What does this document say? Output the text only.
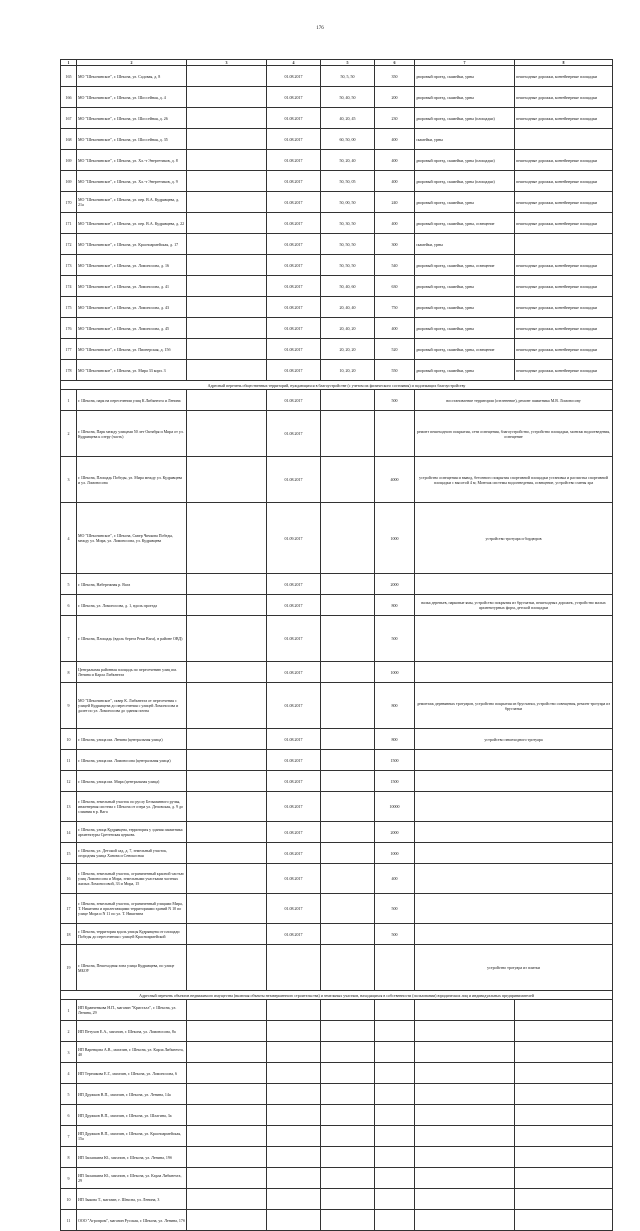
176
1	2	3	4	5	6	7	8	
165	МО "Шекснинское", г. Шексна, ул. Садовая, д. 8		01.08.2017	50, 5, 50	350	дворовый проезд, скамейки, урны	пешеходные дорожки, контейнерные площадки	
166	МО "Шекснинское", г. Шексна, ул. Шоссейная, д. 4		01.08.2017	50, 40, 50	200	дворовый проезд, скамейки, урны	пешеходные дорожки, контейнерные площадки	
167	МО "Шекснинское", г. Шексна, ул. Шоссейная, д. 26		01.08.2017	40, 20, 45	230	дворовый проезд, скамейки, урны (площадки)	пешеходные дорожки, контейнерные площадки	
168	МО "Шекснинское", г. Шексна, ул. Шоссейная, д. 35		01.08.2017	60, 50, 00	400	скамейки, урны		
169	МО "Шекснинское", г. Шексна, ул. Хл.-т Энергетиков, д. 8		01.08.2017	50, 20, 40	400	дворовый проезд, скамейки, урны (площадки)	пешеходные дорожки, контейнерные площадки	
169	МО "Шекснинское", г. Шексна, ул. Хл.-т Энергетиков, д. 9		01.08.2017	50, 50, 05	400	дворовый проезд, скамейки, урны (площадки)	пешеходные дорожки, контейнерные площадки	
170	МО "Шекснинское", г. Шексна, ул. пер. В.А. Кудрявцева, д. 21а		01.08.2017	50, 00, 50	240	дворовый проезд, скамейки, урны	пешеходные дорожки, контейнерные площадки	
171	МО "Шекснинское", г. Шексна, ул. пер. В.А. Кудрявцева, д. 22		01.08.2017	50, 30, 50	400	дворовый проезд, скамейки, урны, освещение	пешеходные дорожки, контейнерные площадки	
172	МО "Шекснинское", г. Шексна, ул. Красноармейская, д. 17		01.08.2017	50, 50, 50	300	скамейки, урны		
173	МО "Шекснинское", г. Шексна, ул. Ломоносова, д. 16		01.08.2017	50, 50, 50	540	дворовый проезд, скамейки, урны, освещение	пешеходные дорожки, контейнерные площадки	
174	МО "Шекснинское", г. Шексна, ул. Ломоносова, д. 41		01.08.2017	50, 40, 60	630	дворовый проезд, скамейки, урны	пешеходные дорожки, контейнерные площадки	
175	МО "Шекснинское", г. Шексна, ул. Ломоносова, д. 43		01.08.2017	20, 40, 40	750	дворовый проезд, скамейки, урны	пешеходные дорожки, контейнерные площадки	
176	МО "Шекснинское", г. Шексна, ул. Ломоносова, д. 45		01.08.2017	20, 40, 20	400	дворовый проезд, скамейки, урны	пешеходные дорожки, контейнерные площадки	
177	МО "Шекснинское", г. Шексна, ул. Пионерская, д. 15б		01.08.2017	20, 20, 20	520	дворовый проезд, скамейки, урны, освещение	пешеходные дорожки, контейнерные площадки	
178	МО "Шекснинское", г. Шексна, ул. Мира 33 корп. 3		01.08.2017	10, 20, 20	550	дворовый проезд, скамейки, урны	пешеходные дорожки, контейнерные площадки	
Адресный перечень общественных территорий, нуждающихся в благоустройстве (с учетом их физического состояния) и подлежащих благоустройству								
1	г. Шексна, парк на пересечении улиц К.Либкнехта и Ленина		01.08.2017		500	восстановление территории (озеленение), ремонт памятника М.В. Ломоносову	
2	г. Шексна, Парк между улицами 50 лет Октября и Мира от ул. Кудрявцева к озеру (часть)		01.08.2017			ремонт пешеходного покрытия, сети освещения, благоустройство, устройство площадки, монтаж водоотведения, освещение	
3	г. Шексна, Площадь Победы, ул. Мира между ул. Кудрявцева и ул. Ломоносова		01.08.2017		4000	устройство освещения и вывод, бетонного покрытия спортивной площадки установка и расчистка спортивной площадки с высотой 4 м; Монтаж системы водоотведения, освещение, устройство смены хра	
4	МО "Шекснинское", г. Шексна, Сквер Чичкова Победы, между ул. Мира, ул. Ломоносова, ул. Кудрявцева		01.09.2017		1000	устройство тротуара и бордюров	
5	г. Шексна, Набережная р. Вага		01.08.2017		2000		
6	г. Шексна, ул. Ломоносова, д. 1, вдоль проезда		01.08.2017		800	валка деревьев, парковые ямы, устройство покрытия из брусчатки, пешеходных дорожек, устройство малых архитектурных форм, детской площадки	
7	г. Шексна, Площадь (вдоль берега Реки Вага), в районе ОВД)		01.08.2017		500		
8	Центральная районная площадь по пересечению улиц им. Ленина и Карла Либкнехта		01.08.2017		1000		
9	МО "Шекснинское", сквер К. Либкнехта от пересечения с улицей Кудрявцева до пересечения с улицей Ломоносова и далее по ул. Ломоносова до здания почты		01.08.2017		800	демонтаж деревянных тротуаров, устройство покрытия из брусчатки, устройство освещения, ремонт тротуара из брусчатки	
10	г. Шексна, улица им. Ленина (центральная улица)		01.08.2017		800	устройство пешеходного тротуара	
11	г. Шексна, улица им. Ломоносова (центральная улица)		01.08.2017		1500		
12	г. Шексна, улица им. Мира (центральная улица)		01.08.2017		1500		
13	г. Шексна, земельный участок по руслу Безымянного ручья, инженерная система г. Шексна от озера ул. Деповская, д. 9 до слияния в р. Вага		01.08.2017		10000		
14	г. Шексна, улица Кудрявцева, территория у здания памятника архитектуры Сретенская церковь		01.08.2017		2000		
15	г. Шексна, ул. Детский сад, д. 7, земельный участок, огородная улица Ханова и Сенокосная		01.08.2017		1000		
16	г. Шексна, земельный участок, ограниченный красной частью улиц Ломоносова и Мира, земельными участками частных жилых Ломоносовой, 33 и Мира, 15		01.08.2017		400		
17	г. Шексна, земельный участок, ограниченный улицами Мира, Т. Никитина и прилегающими территориями зданий N 10 по улице Мира и N 11 по ул. Т. Никитина		01.08.2017		500		
18	г. Шексна, территория вдоль улицы Кудрявцева от площади Победы до пересечения с улицей Красноармейской		01.08.2017		500		
19	г. Шексна, Пешеходная зона улица Кудрявцева, по улице МБОУ					устройство тротуара из плитки	
Адресный перечень объектов недвижимого имущества (включая объекты незавершенного строительства) и земельных участков, находящихся в собственности (пользовании) юридических лиц и индивидуальных предпринимателей								
1	ИП Кравченкова Н.П., магазин "Кристалл", г. Шексна, ул. Ленина, 29							
2	ИП Петухов Е.А., магазин, г. Шексна, ул. Ломоносова, 8а							
3	ИП Варенцова А.В., магазин, г. Шексна, ул. Карла Либкнехта, 40							
4	ИП Терешкова Е.Г., магазин, г. Шексна, ул. Ломоносова, 6							
5	ИП Дружков В.П., магазин, г. Шексна, ул. Ленина, 14а							
6	ИП Дружков В.П., магазин, г. Шексна, ул. Шлагина, 3а							
7	ИП Дружков В.П., магазин, г. Шексна, ул. Красноармейская, 15а							
8	ИП Засыпкина Ю., магазин, г. Шексна, ул. Ленина, 19б							
9	ИП Засыпкина Ю., магазин, г. Шексна, ул. Карла Либкнехта, 29							
10	ИП Зыкова Т., магазин, г. Шексна, ул. Ленина, 3							
11	ООО "Агропром", магазин Русская, г. Шексна, ул. Ленина, 17б							
